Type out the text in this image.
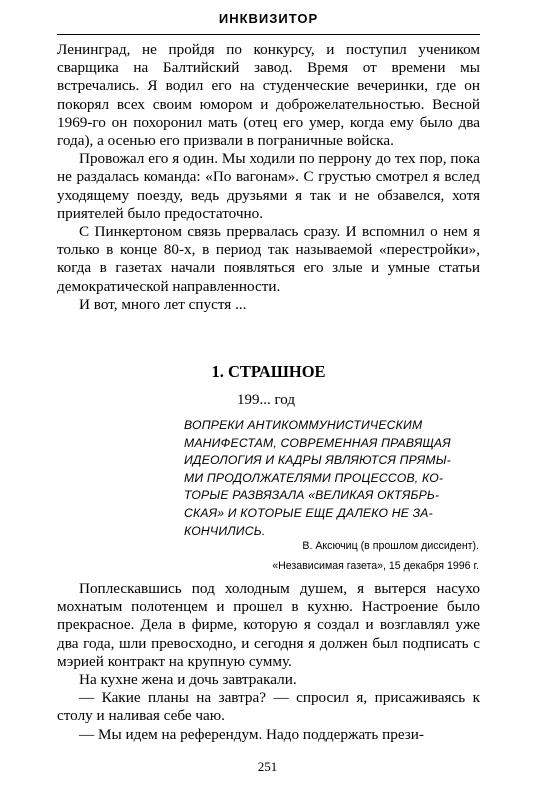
ИНКВИЗИТОР

Ленинград, не пройдя по конкурсу, и поступил учеником сварщика на Балтийский завод. Время от времени мы встречались. Я водил его на студенческие вечеринки, где он покорял всех своим юмором и доброжелательностью. Весной 1969-го он похоронил мать (отец его умер, когда ему было два года), а осенью его призвали в пограничные войска.

Провожал его я один. Мы ходили по перрону до тех пор, пока не раздалась команда: «По вагонам». С грустью смотрел я вслед уходящему поезду, ведь друзьями я так и не обзавелся, хотя приятелей было предостаточно.

С Пинкертоном связь прервалась сразу. И вспомнил о нем я только в конце 80-х, в период так называемой «перестройки», когда в газетах начали появляться его злые и умные статьи демократической направленности.

И вот, много лет спустя ...

1. СТРАШНОЕ
199... год
ВОПРЕКИ АНТИКОММУНИСТИЧЕСКИМ
МАНИФЕСТАМ, СОВРЕМЕННАЯ ПРАВЯЩАЯ
ИДЕОЛОГИЯ И КАДРЫ ЯВЛЯЮТСЯ ПРЯМЫ-
МИ ПРОДОЛЖАТЕЛЯМИ ПРОЦЕССОВ, КО-
ТОРЫЕ РАЗВЯЗАЛА «ВЕЛИКАЯ ОКТЯБРЬ-
СКАЯ» И КОТОРЫЕ ЕЩЕ ДАЛЕКО НЕ ЗА-
КОНЧИЛИСЬ.
В. Аксючиц (в прошлом диссидент).
«Независимая газета», 15 декабря 1996 г.

Поплескавшись под холодным душем, я вытерся насухо мохнатым полотенцем и прошел в кухню. Настроение было прекрасное. Дела в фирме, которую я создал и возглавлял уже два года, шли превосходно, и сегодня я должен был подписать с мэрией контракт на крупную сумму.

На кухне жена и дочь завтракали.

— Какие планы на завтра? — спросил я, присаживаясь к столу и наливая себе чаю.

— Мы идем на референдум. Надо поддержать прези-

251
